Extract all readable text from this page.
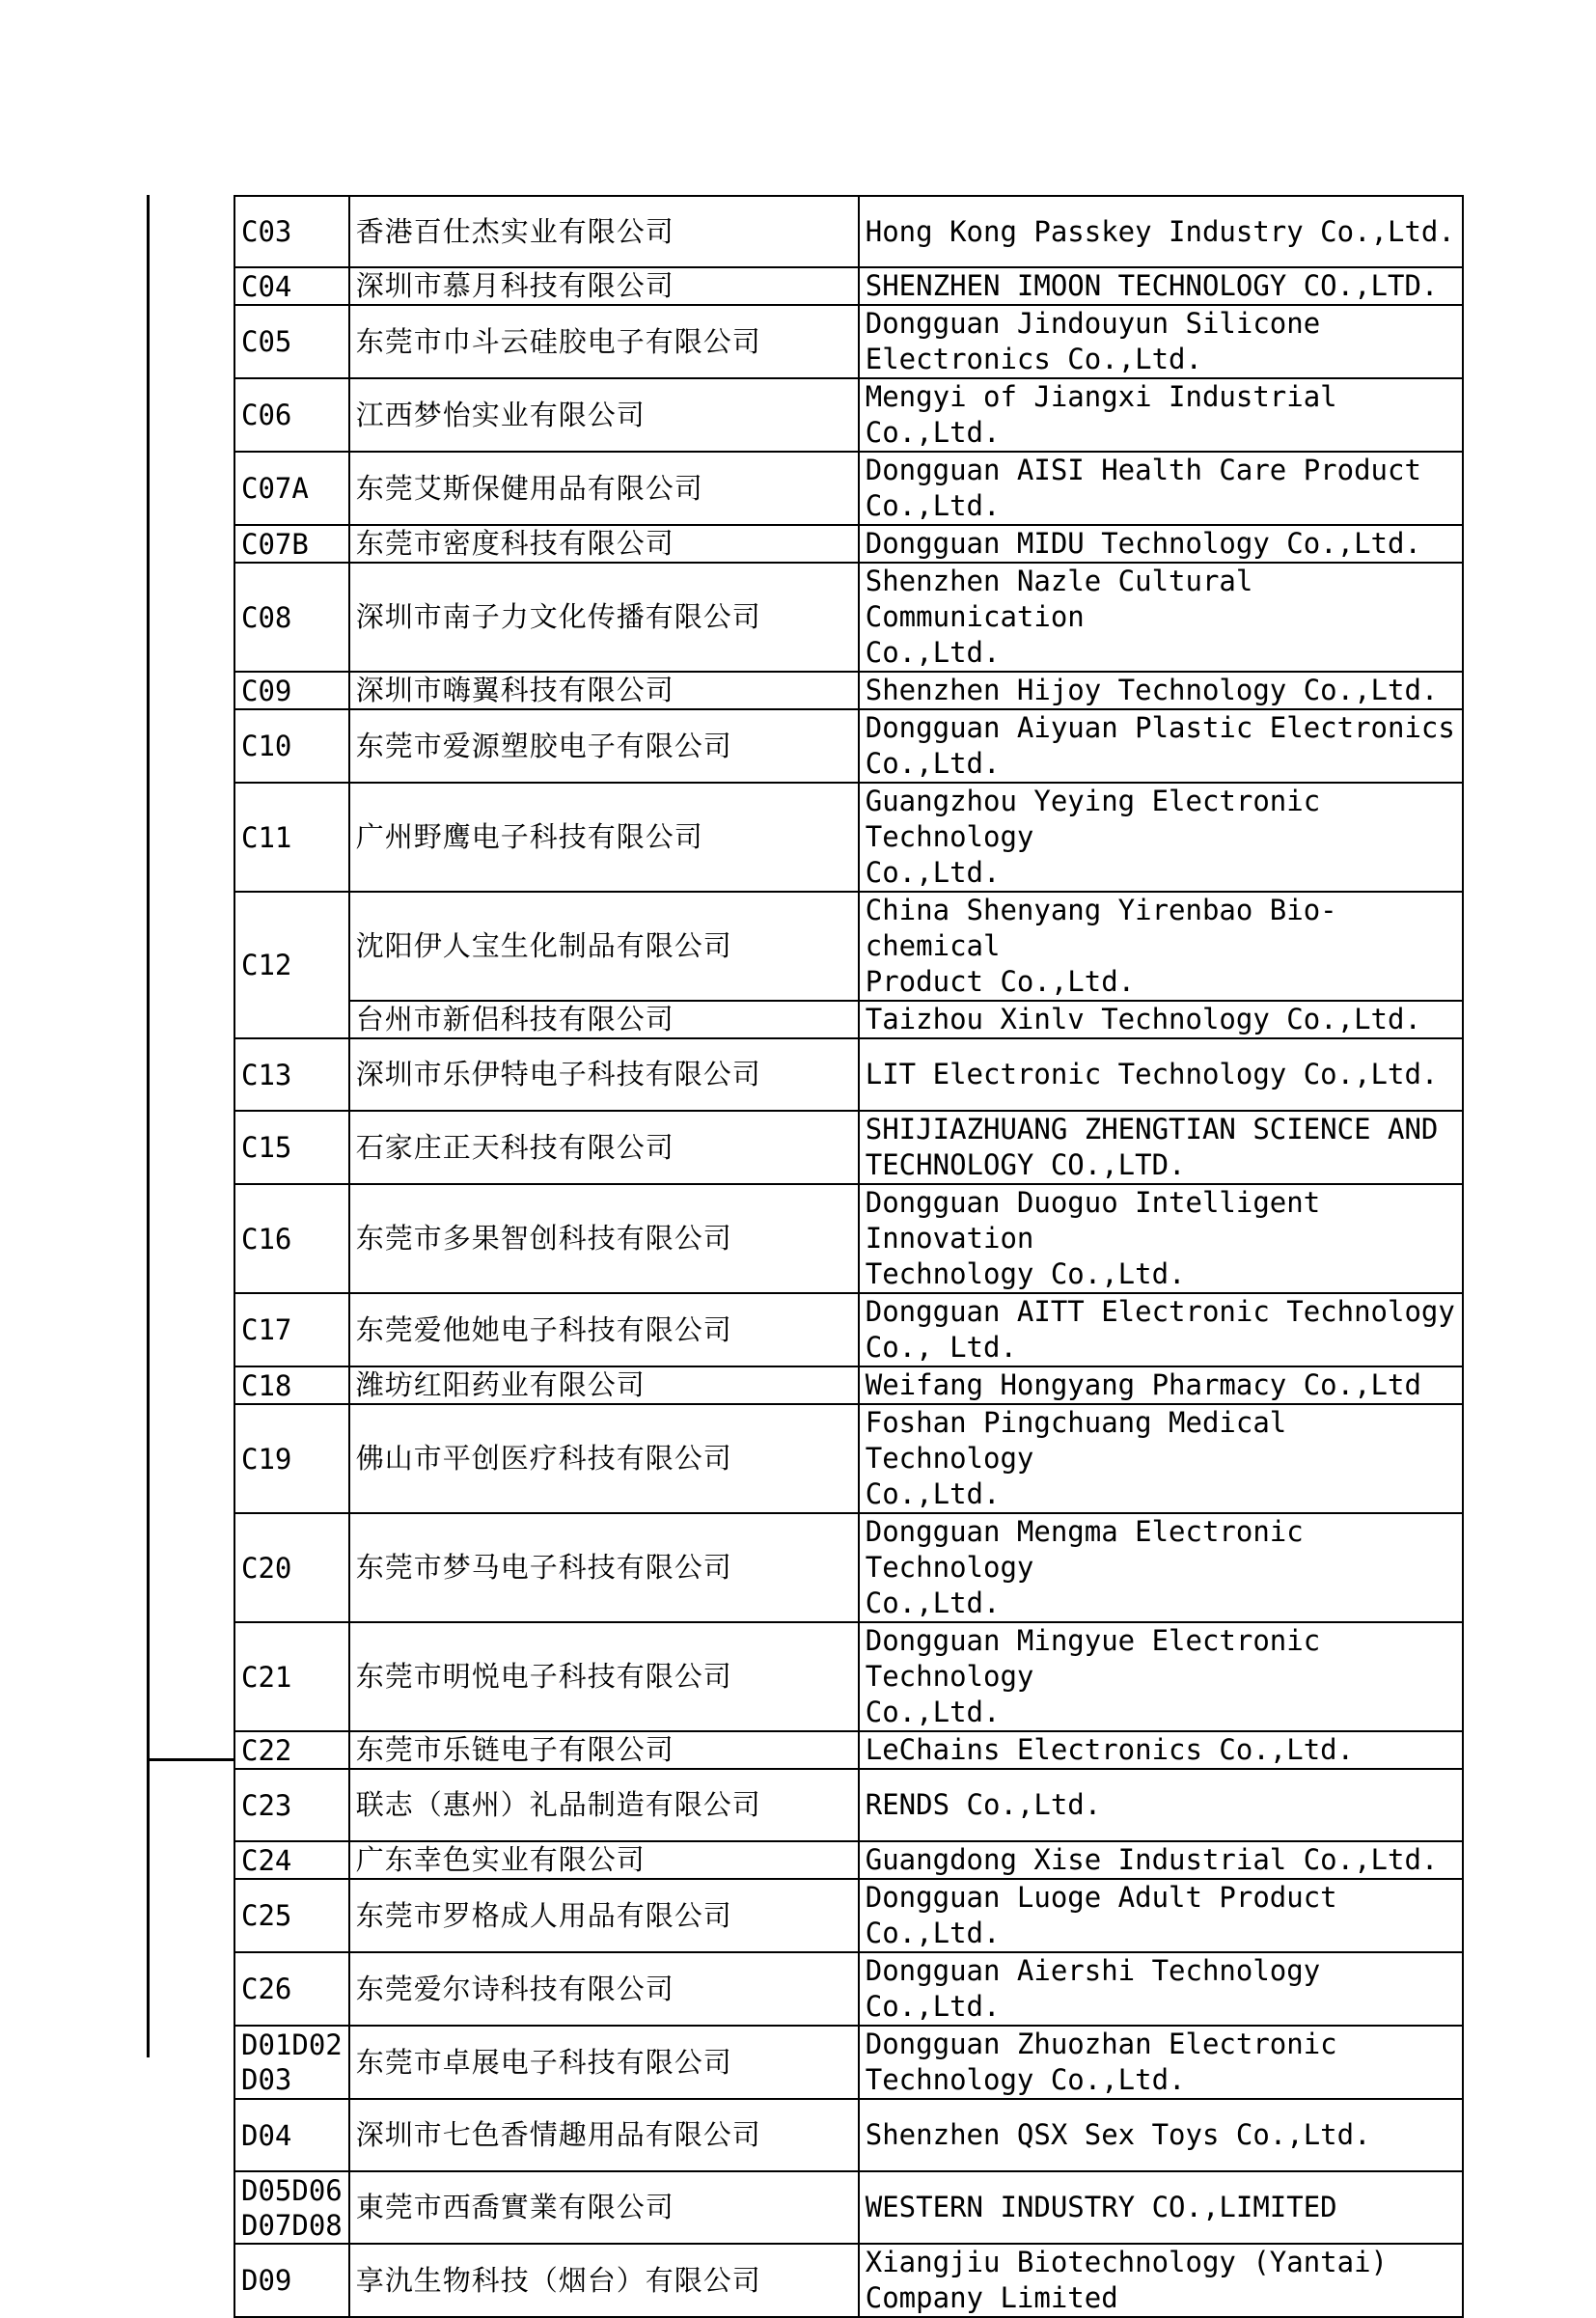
C03	香港百仕杰实业有限公司	Hong Kong Passkey Industry Co.,Ltd.
C04	深圳市慕月科技有限公司	SHENZHEN IMOON TECHNOLOGY CO.,LTD.
C05	东莞市巾斗云硅胶电子有限公司	Dongguan Jindouyun Silicone
Electronics Co.,Ltd.
C06	江西梦怡实业有限公司	Mengyi of Jiangxi Industrial Co.,Ltd.
C07A	东莞艾斯保健用品有限公司	Dongguan AISI Health Care Product
Co.,Ltd.
C07B	东莞市密度科技有限公司	Dongguan MIDU Technology Co.,Ltd.
C08	深圳市南子力文化传播有限公司	Shenzhen Nazle Cultural Communication
Co.,Ltd.
C09	深圳市嗨翼科技有限公司	Shenzhen Hijoy Technology Co.,Ltd.
C10	东莞市爱源塑胶电子有限公司	Dongguan Aiyuan Plastic Electronics
Co.,Ltd.
C11	广州野鹰电子科技有限公司	Guangzhou Yeying Electronic Technology
Co.,Ltd.
C12	沈阳伊人宝生化制品有限公司	China Shenyang Yirenbao Bio-chemical
Product Co.,Ltd.
	台州市新侣科技有限公司	Taizhou Xinlv Technology Co.,Ltd.
C13	深圳市乐伊特电子科技有限公司	LIT Electronic Technology Co.,Ltd.
C15	石家庄正天科技有限公司	SHIJIAZHUANG ZHENGTIAN SCIENCE AND
TECHNOLOGY CO.,LTD.
C16	东莞市多果智创科技有限公司	Dongguan Duoguo Intelligent Innovation
Technology Co.,Ltd.
C17	东莞爱他她电子科技有限公司	Dongguan AITT Electronic Technology
Co., Ltd.
C18	潍坊红阳药业有限公司	Weifang Hongyang Pharmacy Co.,Ltd
C19	佛山市平创医疗科技有限公司	Foshan Pingchuang Medical Technology
Co.,Ltd.
C20	东莞市梦马电子科技有限公司	Dongguan Mengma Electronic Technology
Co.,Ltd.
C21	东莞市明悦电子科技有限公司	Dongguan Mingyue Electronic Technology
Co.,Ltd.
C22	东莞市乐链电子有限公司	LeChains Electronics Co.,Ltd.
C23	联志（惠州）礼品制造有限公司	RENDS Co.,Ltd.
C24	广东幸色实业有限公司	Guangdong Xise Industrial Co.,Ltd.
C25	东莞市罗格成人用品有限公司	Dongguan Luoge Adult Product Co.,Ltd.
C26	东莞爱尔诗科技有限公司	Dongguan Aiershi Technology Co.,Ltd.
D01D02
D03	东莞市卓展电子科技有限公司	Dongguan Zhuozhan Electronic
Technology Co.,Ltd.
D04	深圳市七色香情趣用品有限公司	Shenzhen QSX Sex Toys Co.,Ltd.
D05D06
D07D08	東莞市西喬實業有限公司	WESTERN INDUSTRY CO.,LIMITED
D09	享氿生物科技（烟台）有限公司	Xiangjiu Biotechnology (Yantai)
Company Limited
